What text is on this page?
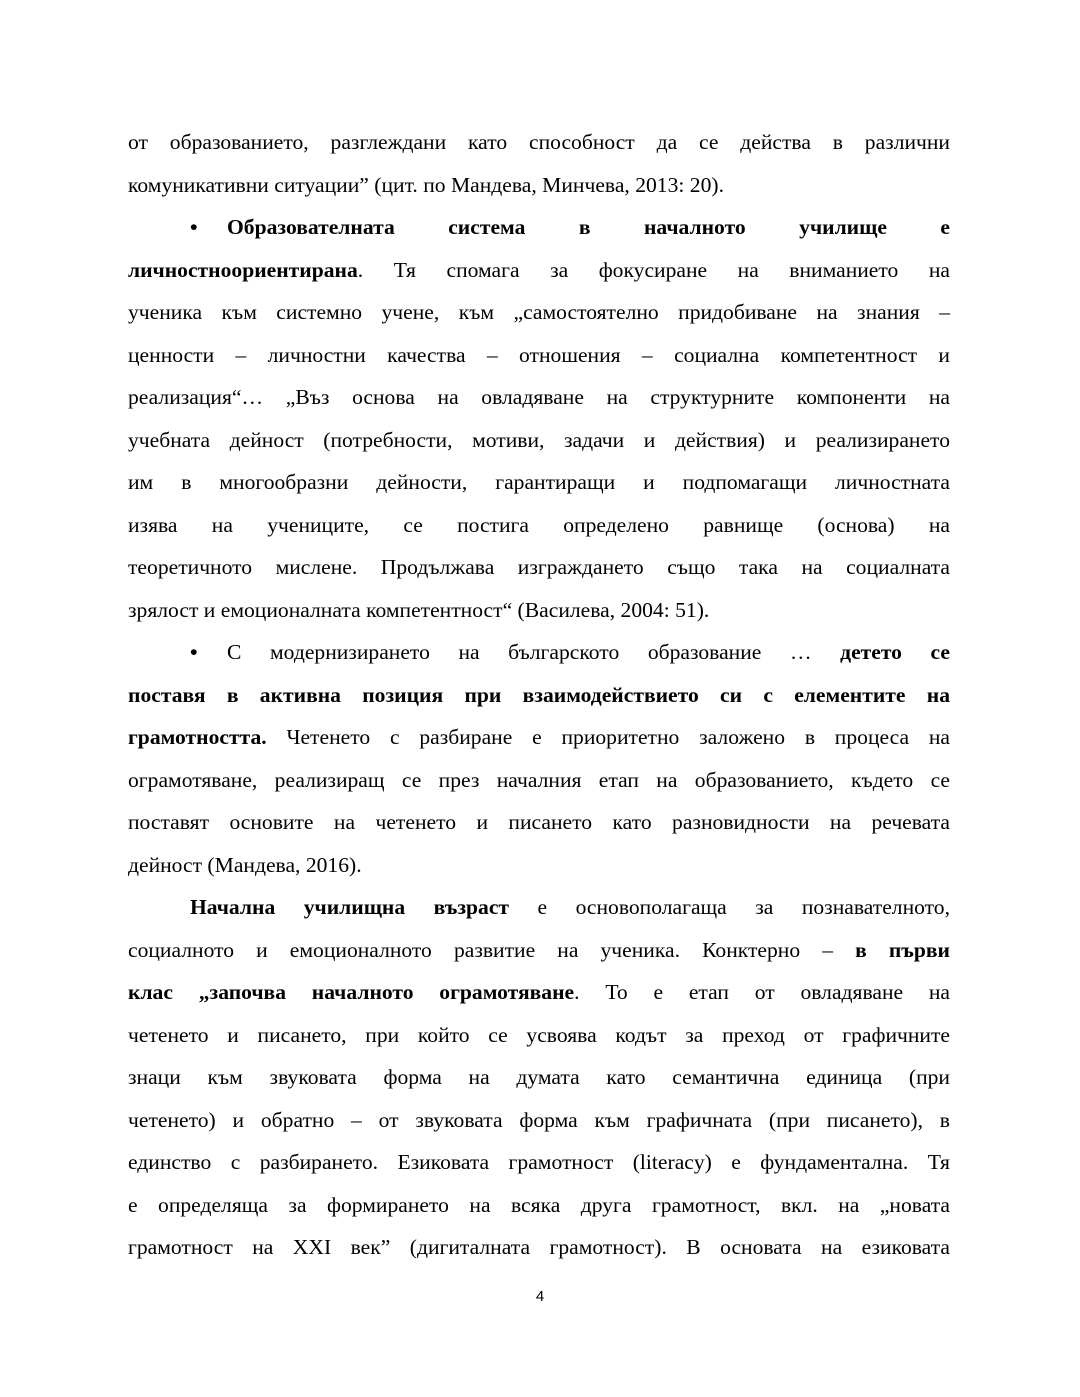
от образованието, разглеждани като способност да се действа в различни
комуникативни ситуации” (цит. по Мандева, Минчева, 2013: 20).
•	Образователната система в началното училище е
личностноориентирана. Тя спомага за фокусиране на вниманието на
ученика към системно учене, към „самостоятелно придобиване на знания –
ценности – личностни качества – отношения – социална компетентност и
реализация“… „Въз основа на овладяване на структурните компоненти на
учебната дейност (потребности, мотиви, задачи и действия) и реализирането
им в многообразни дейности, гарантиращи и подпомагащи личностната
изява на учениците, се постига определено равнище (основа) на
теоретичното мислене. Продължава изграждането също така на социалната
зрялост и емоционалната компетентност“ (Василева, 2004: 51).
•	С модернизирането на българското образование … детето се
поставя в активна позиция при взаимодействието си с елементите на
грамотността. Четенето с разбиране е приоритетно заложено в процеса на
ограмотяване, реализиращ се през началния етап на образованието, където се
поставят основите на четенето и писането като разновидности на речевата
дейност (Мандева, 2016).
Начална училищна възраст е основополагаща за познавателното,
социалното и емоционалното развитие на ученика. Конктерно – в първи
клас „започва началното ограмотяване. То е етап от овладяване на
четенето и писането, при който се усвоява кодът за преход от графичните
знаци към звуковата форма на думата като семантична единица (при
четенето) и обратно – от звуковата форма към графичната (при писането), в
единство с разбирането. Езиковата грамотност (literacy) е фундаментална. Тя
е определяща за формирането на всяка друга грамотност, вкл. на „новата
грамотност на XXI век” (дигиталната грамотност). В основата на езиковата
4
